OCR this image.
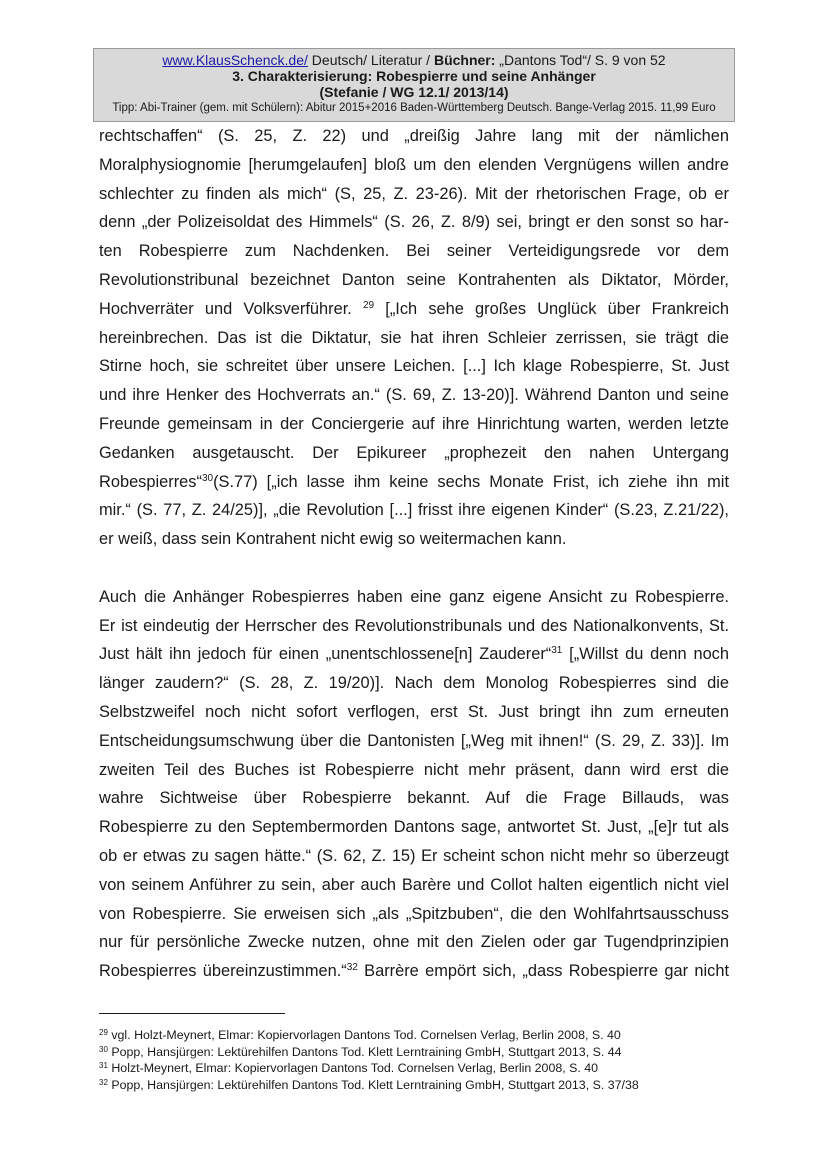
www.KlausSchenck.de/ Deutsch/ Literatur / Büchner: „Dantons Tod“/ S. 9 von 52
3. Charakterisierung: Robespierre und seine Anhänger
(Stefanie / WG 12.1/ 2013/14)
Tipp: Abi-Trainer (gem. mit Schülern): Abitur 2015+2016 Baden-Württemberg Deutsch. Bange-Verlag 2015. 11,99 Euro

rechtschaffen“ (S. 25, Z. 22) und „dreißig Jahre lang mit der nämlichen
Moralphysiognomie [herumgelaufen] bloß um den elenden Vergnügens willen andre
schlechter zu finden als mich“ (S, 25, Z. 23-26). Mit der rhetorischen Frage, ob er
denn „der Polizeisoldat des Himmels“ (S. 26, Z. 8/9) sei, bringt er den sonst so har-
ten Robespierre zum Nachdenken. Bei seiner Verteidigungsrede vor dem
Revolutionstribunal bezeichnet Danton seine Kontrahenten als Diktator, Mörder,
Hochverräter und Volksverführer. $^{29}$ [„Ich sehe großes Unglück über Frankreich
hereinbrechen. Das ist die Diktatur, sie hat ihren Schleier zerrissen, sie trägt die
Stirne hoch, sie schreitet über unsere Leichen. [...] Ich klage Robespierre, St. Just
und ihre Henker des Hochverrats an.“ (S. 69, Z. 13-20)]. Während Danton und seine
Freunde gemeinsam in der Conciergerie auf ihre Hinrichtung warten, werden letzte
Gedanken ausgetauscht. Der Epikureer „prophezeit den nahen Untergang
Robespierres“$^{30}$(S.77) [„ich lasse ihm keine sechs Monate Frist, ich ziehe ihn mit
mir.“ (S. 77, Z. 24/25)], „die Revolution [...] frisst ihre eigenen Kinder“ (S.23, Z.21/22),
er weiß, dass sein Kontrahent nicht ewig so weitermachen kann.

Auch die Anhänger Robespierres haben eine ganz eigene Ansicht zu Robespierre.
Er ist eindeutig der Herrscher des Revolutionstribunals und des Nationalkonvents, St.
Just hält ihn jedoch für einen „unentschlossene[n] Zauderer“$^{31}$ [„Willst du denn noch
länger zaudern?“ (S. 28, Z. 19/20)]. Nach dem Monolog Robespierres sind die
Selbstzweifel noch nicht sofort verflogen, erst St. Just bringt ihn zum erneuten
Entscheidungsumschwung über die Dantonisten [„Weg mit ihnen!“ (S. 29, Z. 33)]. Im
zweiten Teil des Buches ist Robespierre nicht mehr präsent, dann wird erst die
wahre Sichtweise über Robespierre bekannt. Auf die Frage Billauds, was
Robespierre zu den Septembermorden Dantons sage, antwortet St. Just, „[e]r tut als
ob er etwas zu sagen hätte.“ (S. 62, Z. 15) Er scheint schon nicht mehr so überzeugt
von seinem Anführer zu sein, aber auch Barère und Collot halten eigentlich nicht viel
von Robespierre. Sie erweisen sich „als „Spitzbuben“, die den Wohlfahrtsausschuss
nur für persönliche Zwecke nutzen, ohne mit den Zielen oder gar Tugendprinzipien
Robespierres übereinzustimmen.“$^{32}$ Barrère empört sich, „dass Robespierre gar nicht

$^{29}$ vgl. Holzt-Meynert, Elmar: Kopiervorlagen Dantons Tod. Cornelsen Verlag, Berlin 2008, S. 40
$^{30}$ Popp, Hansjürgen: Lektürehilfen Dantons Tod. Klett Lerntraining GmbH, Stuttgart 2013, S. 44
$^{31}$ Holzt-Meynert, Elmar: Kopiervorlagen Dantons Tod. Cornelsen Verlag, Berlin 2008, S. 40
$^{32}$ Popp, Hansjürgen: Lektürehilfen Dantons Tod. Klett Lerntraining GmbH, Stuttgart 2013, S. 37/38
